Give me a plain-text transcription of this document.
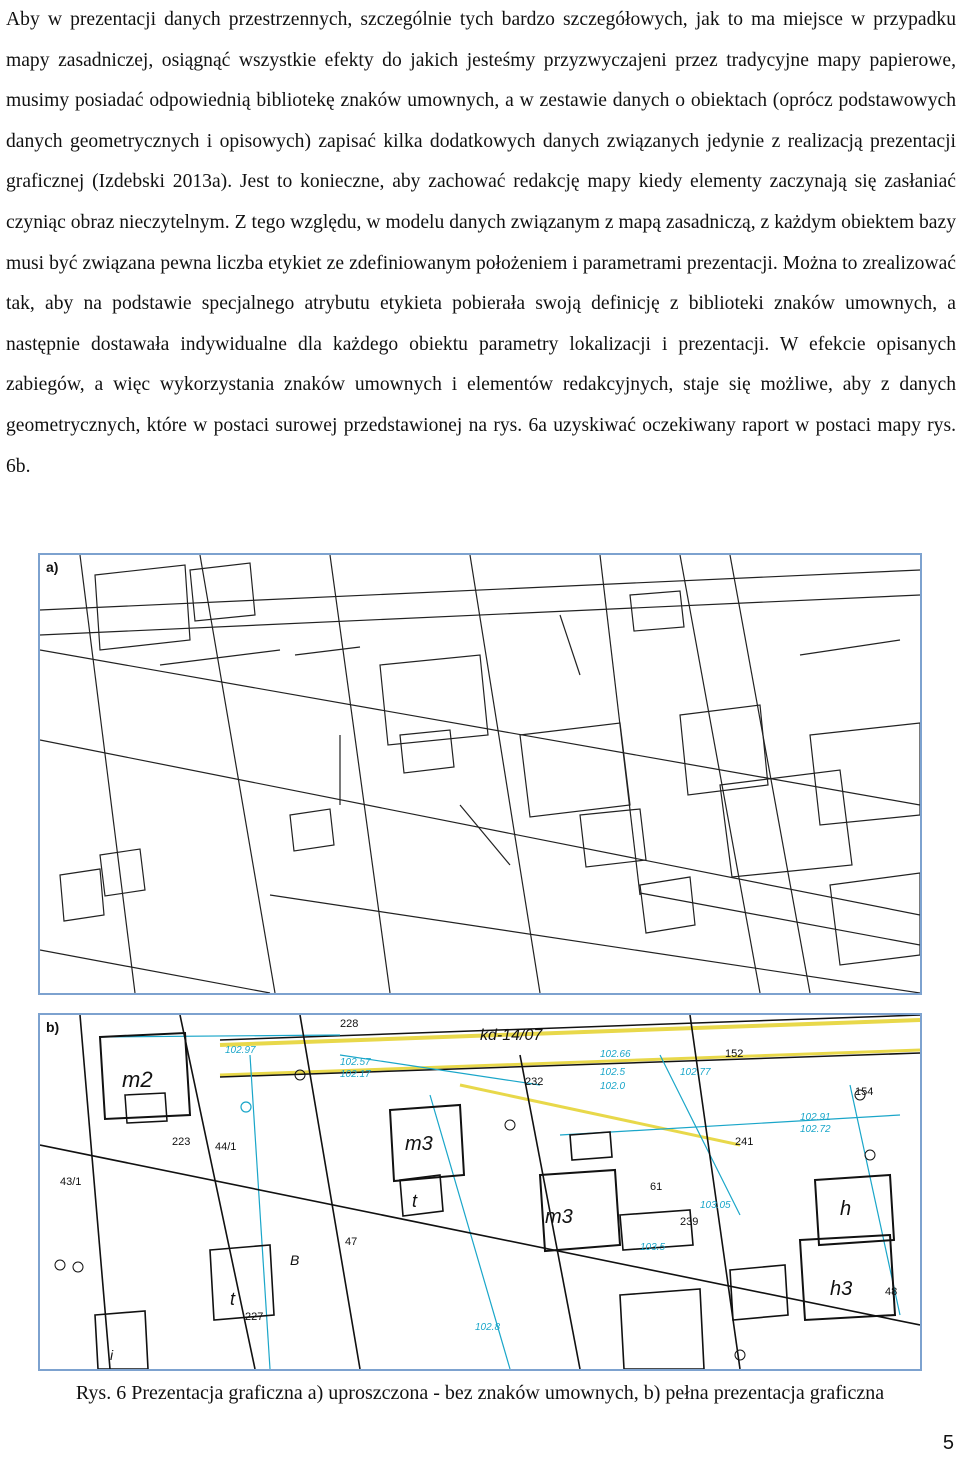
Aby w prezentacji danych przestrzennych, szczególnie tych bardzo szczegółowych, jak to ma miejsce w przypadku mapy zasadniczej, osiągnąć wszystkie efekty do jakich jesteśmy przyzwyczajeni przez tradycyjne mapy papierowe, musimy posiadać odpowiednią bibliotekę znaków umownych, a w zestawie danych o obiektach (oprócz podstawowych danych geometrycznych i opisowych) zapisać kilka dodatkowych danych związanych jedynie z realizacją prezentacji graficznej (Izdebski 2013a). Jest to konieczne, aby zachować redakcję mapy kiedy elementy zaczynają się zasłaniać czyniąc obraz nieczytelnym. Z tego względu, w modelu danych związanym z mapą zasadniczą, z każdym obiektem bazy musi być związana pewna liczba etykiet ze zdefiniowanym położeniem i parametrami prezentacji. Można to zrealizować tak, aby na podstawie specjalnego atrybutu etykieta pobierała swoją definicję z biblioteki znaków umownych, a następnie dostawała indywidualne dla każdego obiektu parametry lokalizacji i prezentacji. W efekcie opisanych zabiegów, a więc wykorzystania znaków umownych i elementów redakcyjnych, staje się możliwe, aby z danych geometrycznych, które w postaci surowej przedstawionej na rys. 6a uzyskiwać oczekiwany raport w postaci mapy rys. 6b.

a)
m2
m3
m3
t
t
h
h3
B
i
kd-14/07
223 44/1
43/1
47
227
228
232
239
241
61
152
154
48
102.97
102.57
102.17
102.66
102.77
102.91
102.72
103.05
103.5
102.8
102.5
102.0
b)
Rys. 6 Prezentacja graficzna a) uproszczona - bez znaków umownych, b) pełna prezentacja graficzna
5
